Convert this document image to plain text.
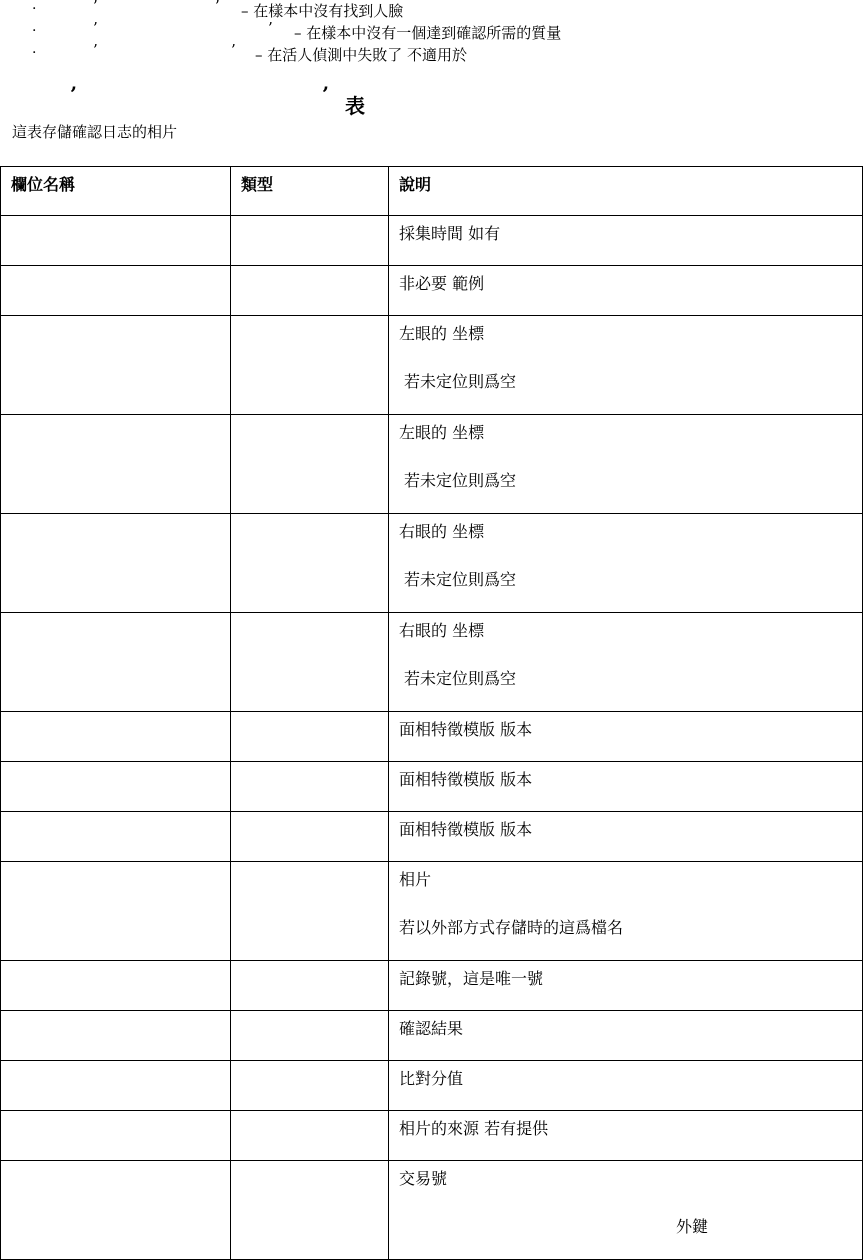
·	’	’ – 在樣本中沒有找到人臉
·	’	’ – 在樣本中沒有一個達到確認所需的質量
·	’	’ – 在活人偵測中失敗了 不適用於
’	’ 表
這表存儲確認日志的相片
欄位名稱	類型	說明
		採集時間 如有
		非必要 範例
		左眼的 坐標
若未定位則爲空

		左眼的 坐標
若未定位則爲空

		右眼的 坐標
若未定位則爲空

		右眼的 坐標
若未定位則爲空

		面相特徵模版 版本
		面相特徵模版 版本
		面相特徵模版 版本
		相片
若以外部方式存儲時的這爲檔名

		記錄號，這是唯一號
		確認結果
		比對分值
		相片的來源 若有提供
		交易號
外鍵
